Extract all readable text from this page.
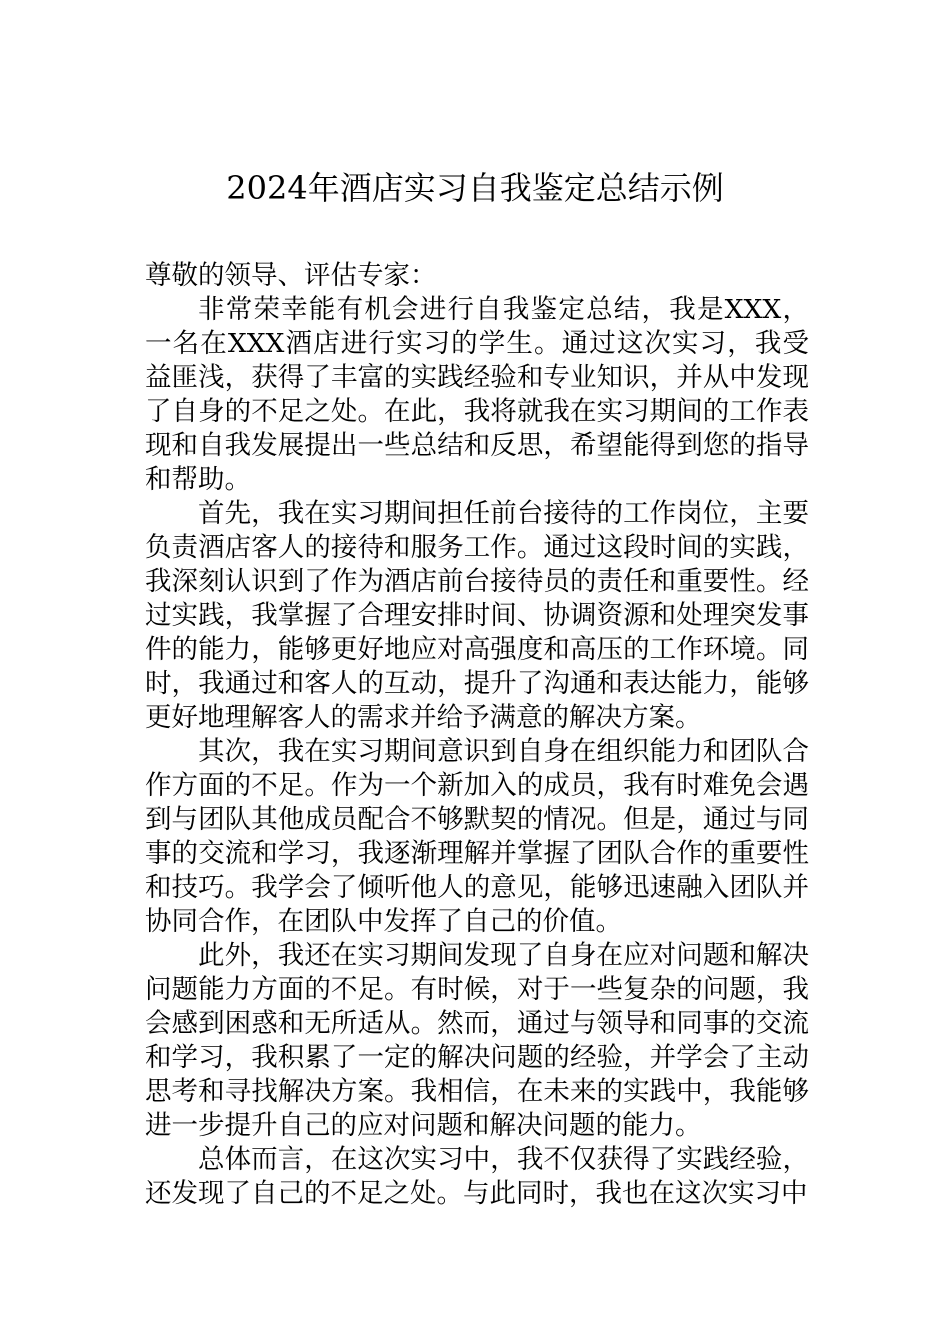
2024年酒店实习自我鉴定总结示例

尊敬的领导、评估专家：

非常荣幸能有机会进行自我鉴定总结，我是XXX，一名在XXX酒店进行实习的学生。通过这次实习，我受益匪浅，获得了丰富的实践经验和专业知识，并从中发现了自身的不足之处。在此，我将就我在实习期间的工作表现和自我发展提出一些总结和反思，希望能得到您的指导和帮助。

首先，我在实习期间担任前台接待的工作岗位，主要负责酒店客人的接待和服务工作。通过这段时间的实践，我深刻认识到了作为酒店前台接待员的责任和重要性。经过实践，我掌握了合理安排时间、协调资源和处理突发事件的能力，能够更好地应对高强度和高压的工作环境。同时，我通过和客人的互动，提升了沟通和表达能力，能够更好地理解客人的需求并给予满意的解决方案。

其次，我在实习期间意识到自身在组织能力和团队合作方面的不足。作为一个新加入的成员，我有时难免会遇到与团队其他成员配合不够默契的情况。但是，通过与同事的交流和学习，我逐渐理解并掌握了团队合作的重要性和技巧。我学会了倾听他人的意见，能够迅速融入团队并协同合作，在团队中发挥了自己的价值。

此外，我还在实习期间发现了自身在应对问题和解决问题能力方面的不足。有时候，对于一些复杂的问题，我会感到困惑和无所适从。然而，通过与领导和同事的交流和学习，我积累了一定的解决问题的经验，并学会了主动思考和寻找解决方案。我相信，在未来的实践中，我能够进一步提升自己的应对问题和解决问题的能力。

总体而言，在这次实习中，我不仅获得了实践经验，还发现了自己的不足之处。与此同时，我也在这次实习中
